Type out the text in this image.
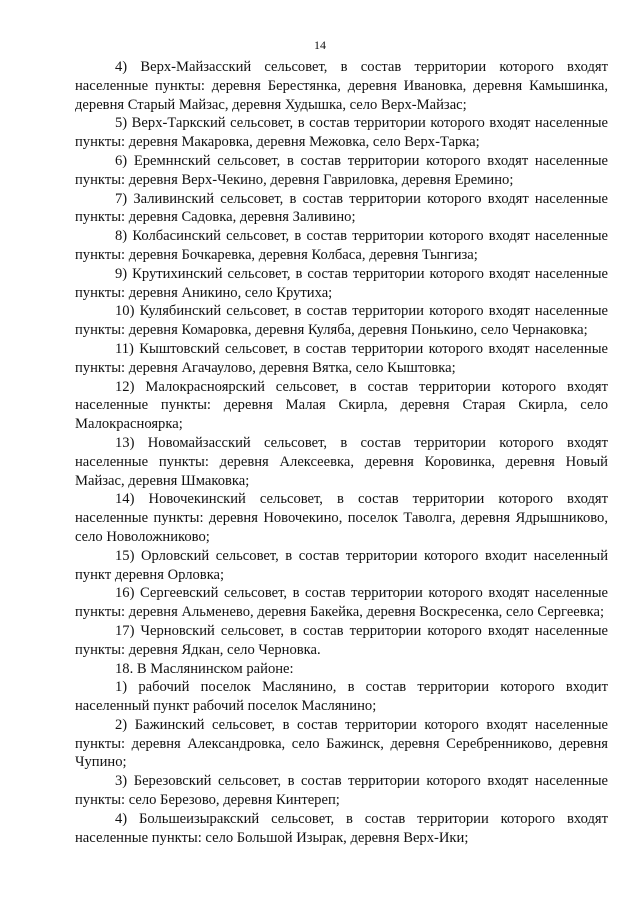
14

4) Верх-Майзасский сельсовет, в состав территории которого входят населенные пункты: деревня Берестянка, деревня Ивановка, деревня Камышинка, деревня Старый Майзас, деревня Худышка, село Верх-Майзас;

5) Верх-Таркский сельсовет, в состав территории которого входят населенные пункты: деревня Макаровка, деревня Межовка, село Верх-Тарка;

6) Еремннский сельсовет, в состав территории которого входят населенные пункты: деревня Верх-Чекино, деревня Гавриловка, деревня Еремино;

7) Заливинский сельсовет, в состав территории которого входят населенные пункты: деревня Садовка, деревня Заливино;

8) Колбасинский сельсовет, в состав территории которого входят населенные пункты: деревня Бочкаревка, деревня Колбаса, деревня Тынгиза;

9) Крутихинский сельсовет, в состав территории которого входят населенные пункты: деревня Аникино, село Крутиха;

10) Кулябинский сельсовет, в состав территории которого входят населенные пункты: деревня Комаровка, деревня Куляба, деревня Понькино, село Чернаковка;

11) Кыштовский сельсовет, в состав территории которого входят населенные пункты: деревня Агачаулово, деревня Вятка, село Кыштовка;

12) Малокрасноярский сельсовет, в состав территории которого входят населенные пункты: деревня Малая Скирла, деревня Старая Скирла, село Малокрасноярка;

13) Новомайзасский сельсовет, в состав территории которого входят населенные пункты: деревня Алексеевка, деревня Коровинка, деревня Новый Майзас, деревня Шмаковка;

14) Новочекинский сельсовет, в состав территории которого входят населенные пункты: деревня Новочекино, поселок Таволга, деревня Ядрышниково, село Новоложниково;

15) Орловский сельсовет, в состав территории которого входит населенный пункт деревня Орловка;

16) Сергеевский сельсовет, в состав территории которого входят населенные пункты: деревня Альменево, деревня Бакейка, деревня Воскресенка, село Сергеевка;

17) Черновский сельсовет, в состав территории которого входят населенные пункты: деревня Ядкан, село Черновка.

18. В Маслянинском районе:

1) рабочий поселок Маслянино, в состав территории которого входит населенный пункт рабочий поселок Маслянино;

2) Бажинский сельсовет, в состав территории которого входят населенные пункты: деревня Александровка, село Бажинск, деревня Серебренниково, деревня Чупино;

3) Березовский сельсовет, в состав территории которого входят населенные пункты: село Березово, деревня Кинтереп;

4) Большеизыракский сельсовет, в состав территории которого входят населенные пункты: село Большой Изырак, деревня Верх-Ики;
